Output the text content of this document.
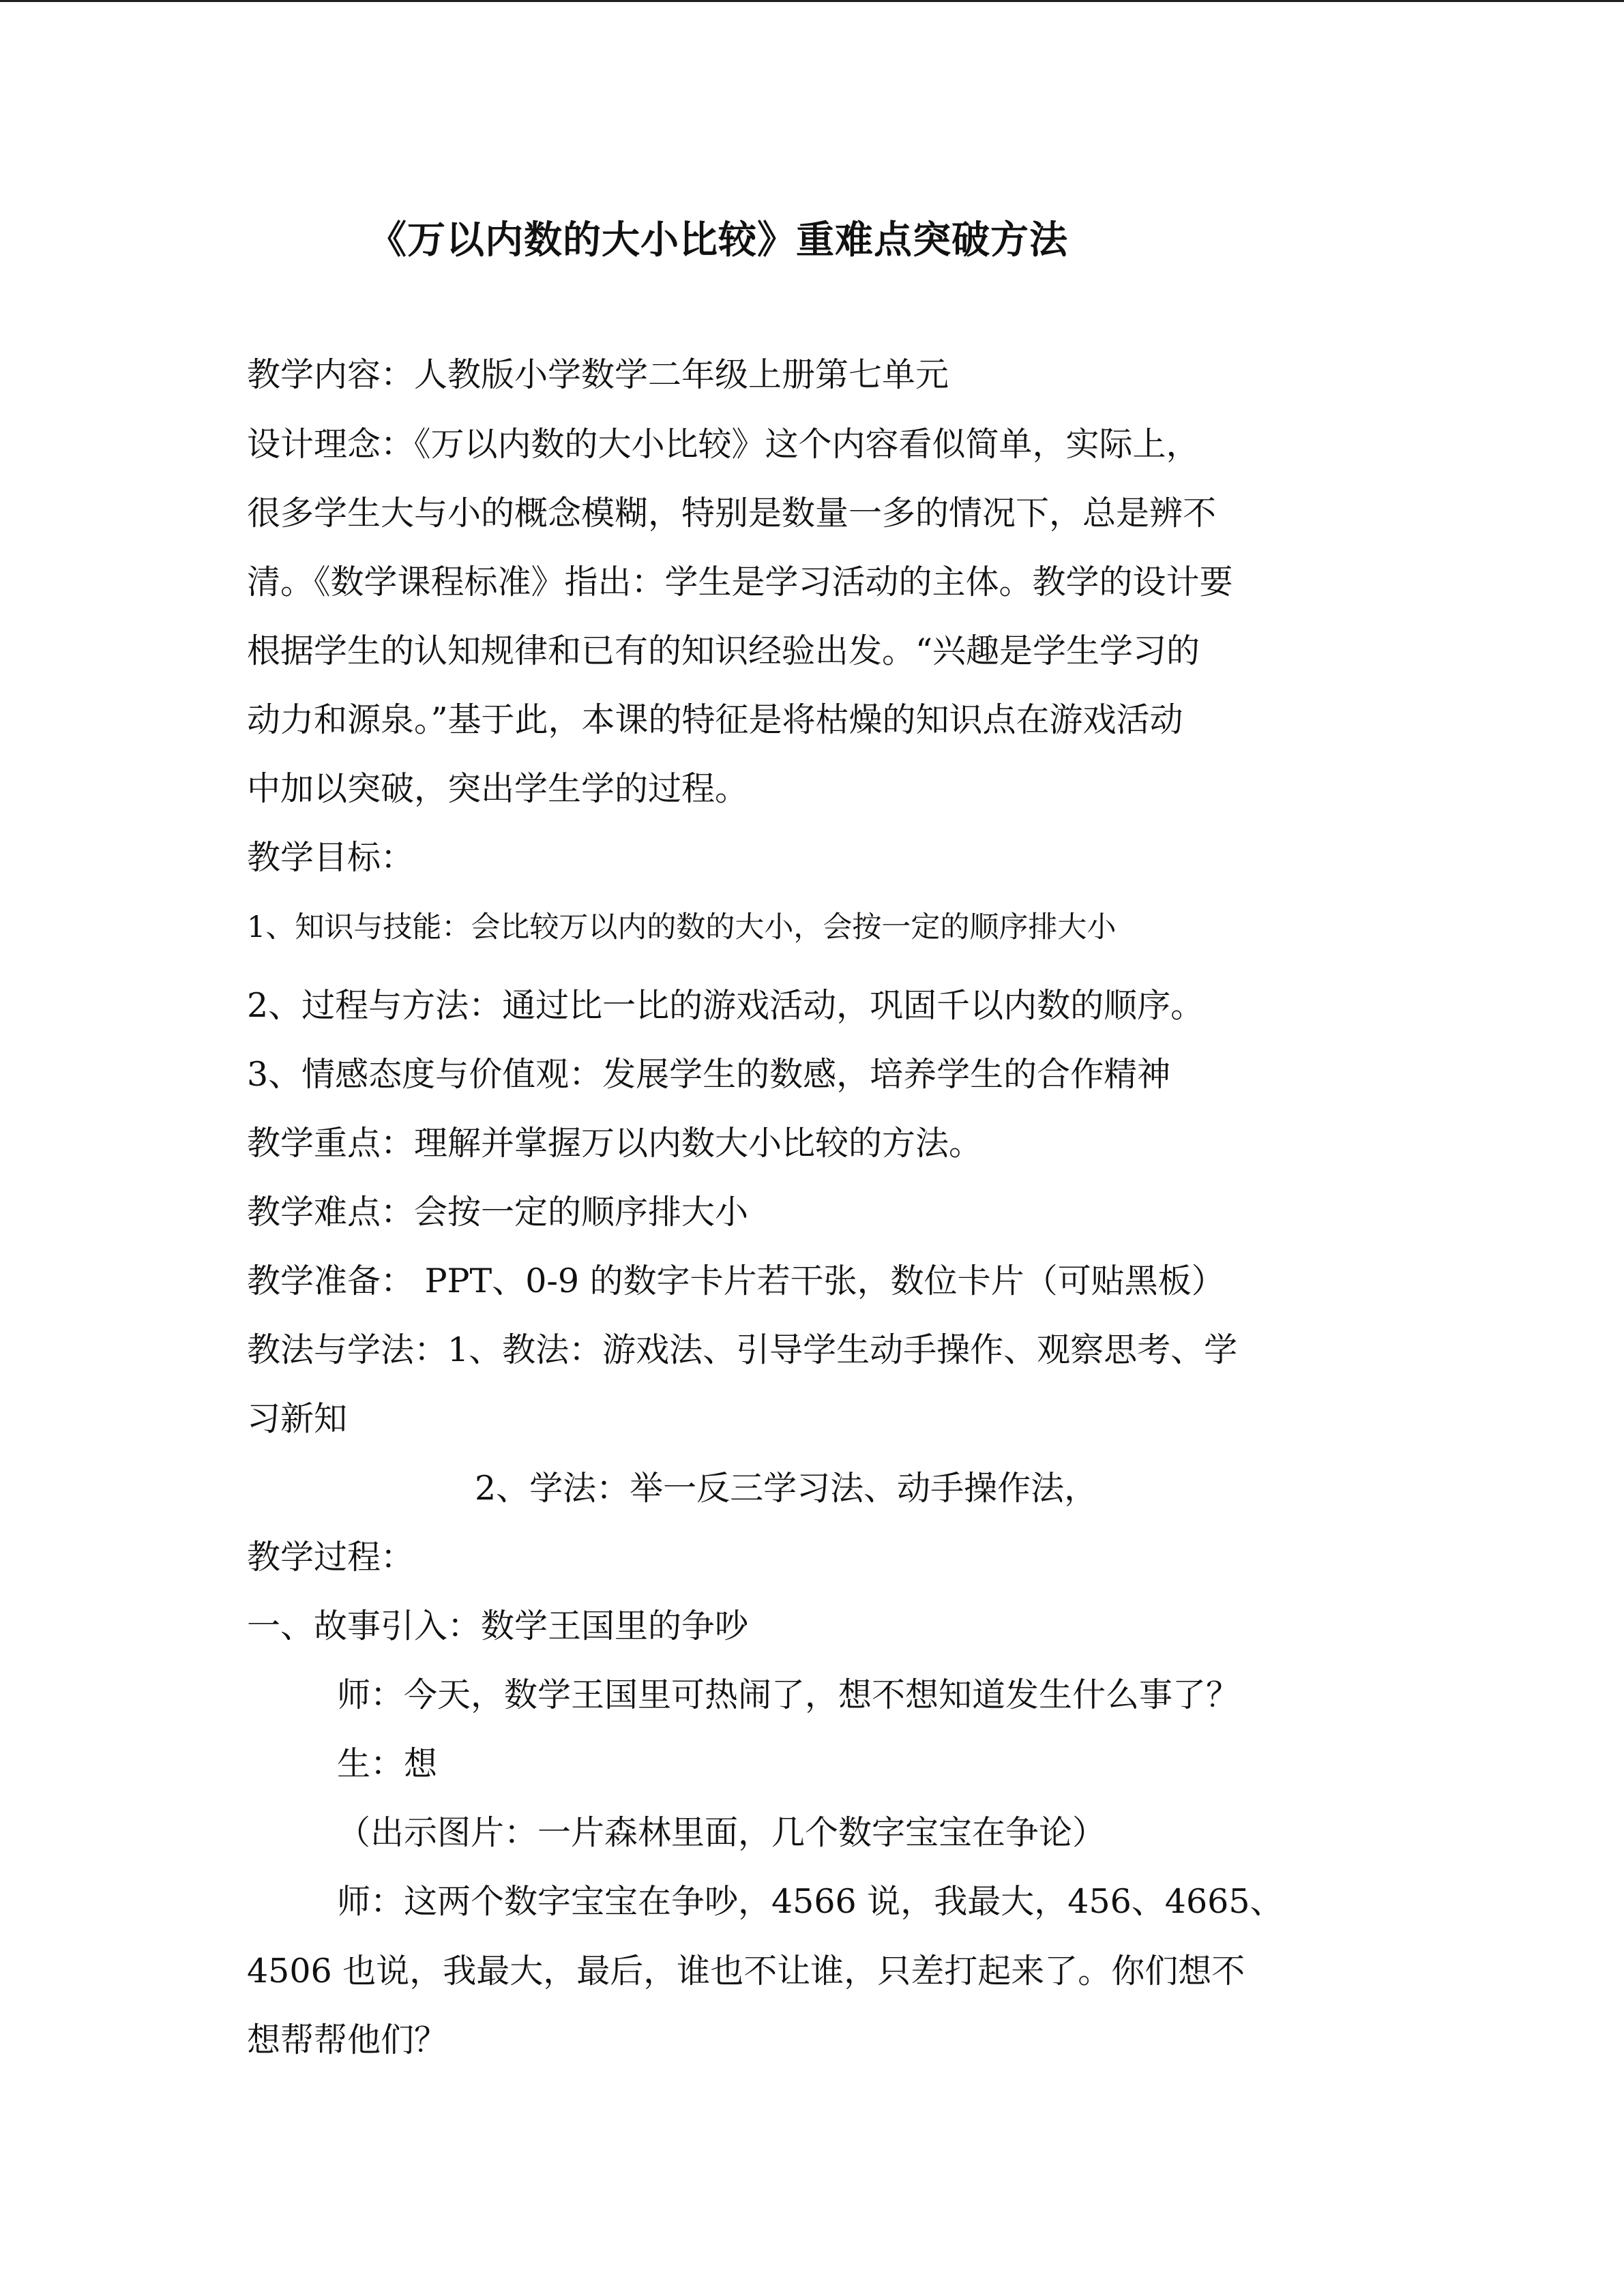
《万以内数的大小比较》重难点突破方法

教学内容：人教版小学数学二年级上册第七单元

设计理念：《万以内数的大小比较》这个内容看似简单，实际上，

很多学生大与小的概念模糊，特别是数量一多的情况下，总是辨不

清。《数学课程标准》指出：学生是学习活动的主体。教学的设计要

根据学生的认知规律和已有的知识经验出发。“兴趣是学生学习的

动力和源泉。”基于此，本课的特征是将枯燥的知识点在游戏活动

中加以突破，突出学生学的过程。

教学目标：

1、知识与技能：会比较万以内的数的大小，会按一定的顺序排大小

2、过程与方法：通过比一比的游戏活动，巩固千以内数的顺序。

3、情感态度与价值观：发展学生的数感，培养学生的合作精神

教学重点：理解并掌握万以内数大小比较的方法。

教学难点：会按一定的顺序排大小

教学准备： PPT、0-9 的数字卡片若干张，数位卡片（可贴黑板）

教法与学法：1、教法：游戏法、引导学生动手操作、观察思考、学

习新知

2、学法：举一反三学习法、动手操作法，

教学过程：

一、故事引入：数学王国里的争吵

师：今天，数学王国里可热闹了，想不想知道发生什么事了？

生：想

（出示图片：一片森林里面，几个数字宝宝在争论）

师：这两个数字宝宝在争吵，4566 说，我最大，456、4665、

4506 也说，我最大，最后，谁也不让谁，只差打起来了。你们想不

想帮帮他们？
